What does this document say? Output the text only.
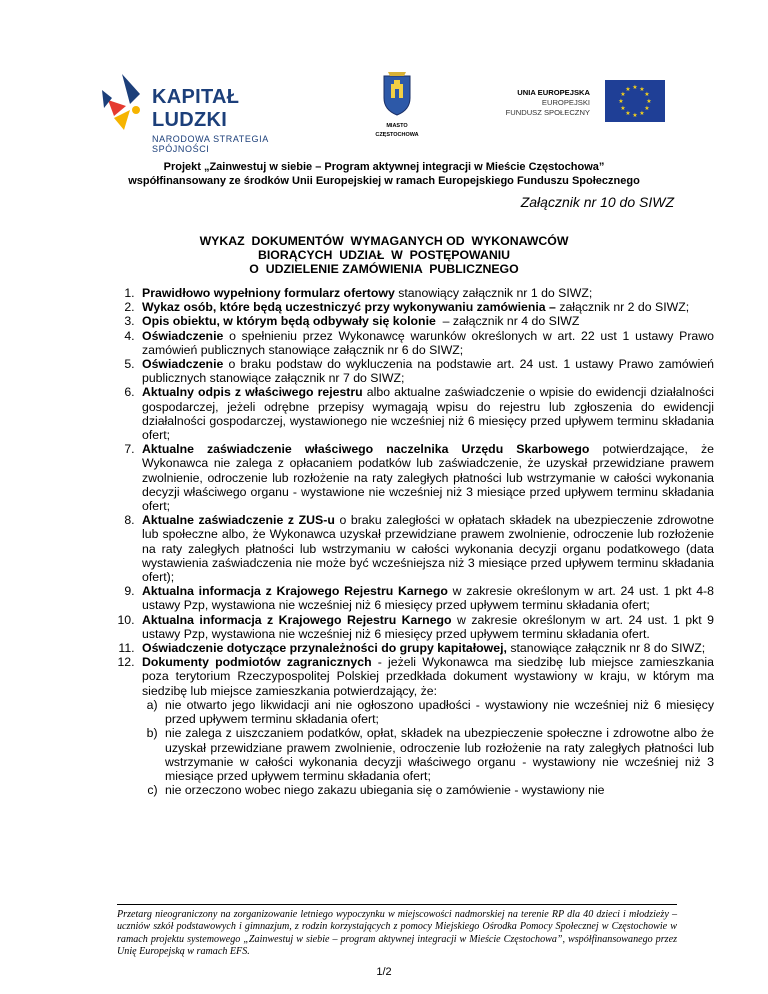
KAPITAŁ LUDZKI
NARODOWA STRATEGIA SPÓJNOŚCI
MIASTO
CZĘSTOCHOWA
UNIA EUROPEJSKA
EUROPEJSKI
FUNDUSZ SPOŁECZNY
★ ★
★
★
★
★
★
★
★
★
★
★
Projekt „Zainwestuj w siebie – Program aktywnej integracji w Mieście Częstochowa”
współfinansowany ze środków Unii Europejskiej w ramach Europejskiego Funduszu Społecznego
Załącznik nr 10 do SIWZ
WYKAZ  DOKUMENTÓW  WYMAGANYCH OD  WYKONAWCÓW
BIORĄCYCH  UDZIAŁ  W  POSTĘPOWANIU
O  UDZIELENIE ZAMÓWIENIA  PUBLICZNEGO
1. Prawidłowo wypełniony formularz ofertowy stanowiący załącznik nr 1 do SIWZ;
2. Wykaz osób, które będą uczestniczyć przy wykonywaniu zamówienia – załącznik nr 2 do SIWZ;
3. Opis obiektu, w którym będą odbywały się kolonie  – załącznik nr 4 do SIWZ
4. Oświadczenie o spełnieniu przez Wykonawcę warunków określonych w art. 22 ust 1 ustawy Prawo zamówień publicznych stanowiące załącznik nr 6 do SIWZ;
5. Oświadczenie o braku podstaw do wykluczenia na podstawie art. 24 ust. 1 ustawy Prawo zamówień publicznych stanowiące załącznik nr 7 do SIWZ;
6. Aktualny odpis z właściwego rejestru albo aktualne zaświadczenie o wpisie do ewidencji działalności gospodarczej, jeżeli odrębne przepisy wymagają wpisu do rejestru lub zgłoszenia do ewidencji działalności gospodarczej, wystawionego nie wcześniej niż 6 miesięcy przed upływem terminu składania ofert;
7. Aktualne zaświadczenie właściwego naczelnika Urzędu Skarbowego potwierdzające, że Wykonawca nie zalega z opłacaniem podatków lub zaświadczenie, że uzyskał przewidziane prawem zwolnienie, odroczenie lub rozłożenie na raty zaległych płatności lub wstrzymanie w całości wykonania decyzji właściwego organu - wystawione nie wcześniej niż 3 miesiące przed upływem terminu składania ofert;
8. Aktualne zaświadczenie z ZUS-u o braku zaległości w opłatach składek na ubezpieczenie zdrowotne lub społeczne albo, że Wykonawca uzyskał przewidziane prawem zwolnienie, odroczenie lub rozłożenie na raty zaległych płatności lub wstrzymaniu w całości wykonania decyzji organu podatkowego (data wystawienia zaświadczenia nie może być wcześniejsza niż 3 miesiące przed upływem terminu składania ofert);
9. Aktualna informacja z Krajowego Rejestru Karnego w zakresie określonym w art. 24 ust. 1 pkt 4-8 ustawy Pzp, wystawiona nie wcześniej niż 6 miesięcy przed upływem terminu składania ofert;
10. Aktualna informacja z Krajowego Rejestru Karnego w zakresie określonym w art. 24 ust. 1 pkt 9 ustawy Pzp, wystawiona nie wcześniej niż 6 miesięcy przed upływem terminu składania ofert.
11. Oświadczenie dotyczące przynależności do grupy kapitałowej, stanowiące załącznik nr 8 do SIWZ;
12. Dokumenty podmiotów zagranicznych - jeżeli Wykonawca ma siedzibę lub miejsce zamieszkania poza terytorium Rzeczypospolitej Polskiej przedkłada dokument wystawiony w kraju, w którym ma siedzibę lub miejsce zamieszkania potwierdzający, że:
a. nie otwarto jego likwidacji ani nie ogłoszono upadłości - wystawiony nie wcześniej niż 6 miesięcy przed upływem terminu składania ofert;
b. nie zalega z uiszczaniem podatków, opłat, składek na ubezpieczenie społeczne i zdrowotne albo że uzyskał przewidziane prawem zwolnienie, odroczenie lub rozłożenie na raty zaległych płatności lub wstrzymanie w całości wykonania decyzji właściwego organu - wystawiony nie wcześniej niż 3 miesiące przed upływem terminu składania ofert;
c. nie orzeczono wobec niego zakazu ubiegania się o zamówienie - wystawiony nie
Przetarg nieograniczony na zorganizowanie letniego wypoczynku w miejscowości nadmorskiej na terenie RP dla 40 dzieci i młodzieży – uczniów szkół podstawowych i gimnazjum, z rodzin korzystających z pomocy Miejskiego Ośrodka Pomocy Społecznej w Częstochowie w ramach projektu systemowego „Zainwestuj w siebie – program aktywnej integracji w Mieście Częstochowa”, współfinansowanego przez Unię Europejską w ramach EFS.
1/2
